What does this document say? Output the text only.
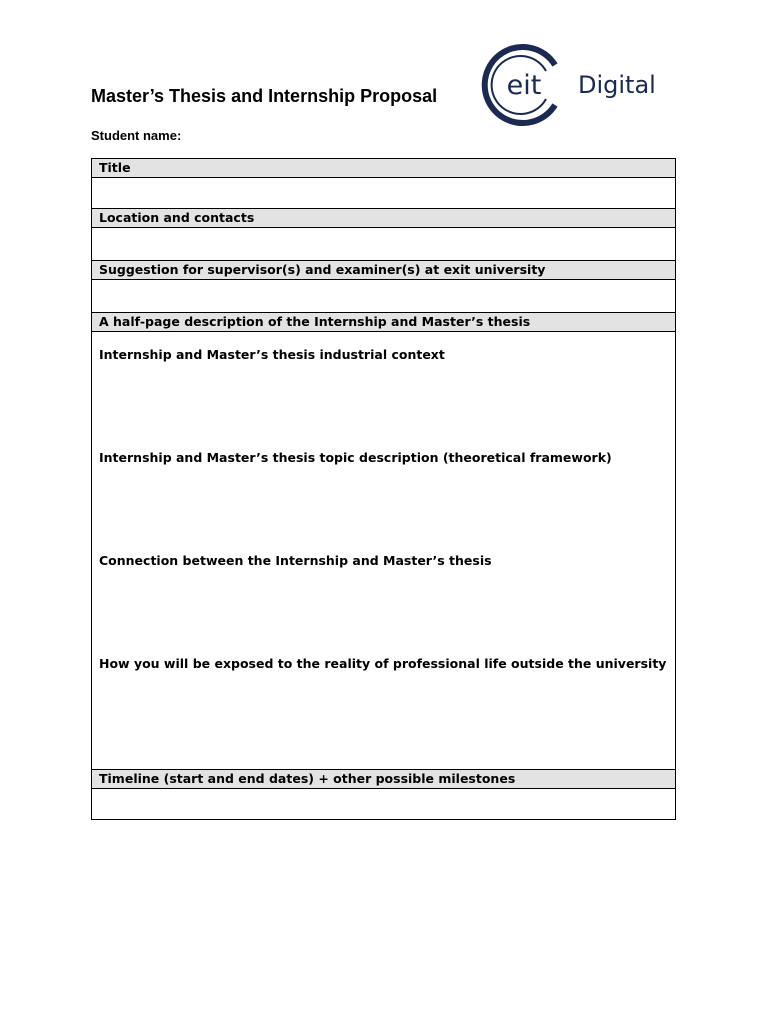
Master’s Thesis and Internship Proposal
Student name:
eit Digital
Title
Location and contacts
Suggestion for supervisor(s) and examiner(s) at exit university
A half-page description of the Internship and Master’s thesis
Internship and Master’s thesis industrial context
Internship and Master’s thesis topic description (theoretical framework)
Connection between the Internship and Master’s thesis
How you will be exposed to the reality of professional life outside the university
Timeline (start and end dates) + other possible milestones
